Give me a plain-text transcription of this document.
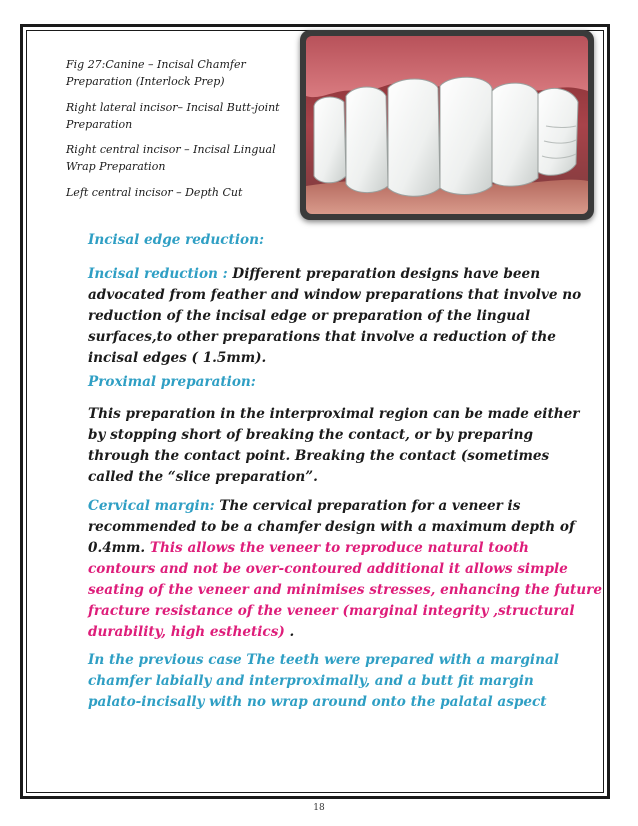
Fig 27:Canine – Incisal Chamfer
Preparation (Interlock Prep)
Right lateral incisor– Incisal Butt-joint
Preparation
Right central incisor – Incisal Lingual
Wrap Preparation
Left central incisor – Depth Cut
Incisal edge reduction:
Incisal reduction : Different preparation designs have been
advocated from feather and window preparations that involve no
reduction of the incisal edge or preparation of the lingual
surfaces,to other preparations that involve a reduction of the
incisal edges ( 1.5mm).
Proximal preparation:
This preparation in the interproximal region can be made either
by stopping short of breaking the contact, or by preparing
through the contact point. Breaking the contact (sometimes
called the “slice preparation”.
Cervical margin: The cervical preparation for a veneer is
recommended to be a chamfer design with a maximum depth of
0.4mm. This allows the veneer to reproduce natural tooth
contours and not be over-contoured additional it allows simple
seating of the veneer and minimises stresses, enhancing the future
fracture resistance of the veneer (marginal integrity ,structural
durability, high esthetics) .
In the previous case The teeth were prepared with a marginal
chamfer labially and interproximally, and a butt fit margin
palato-incisally with no wrap around onto the palatal aspect
18
